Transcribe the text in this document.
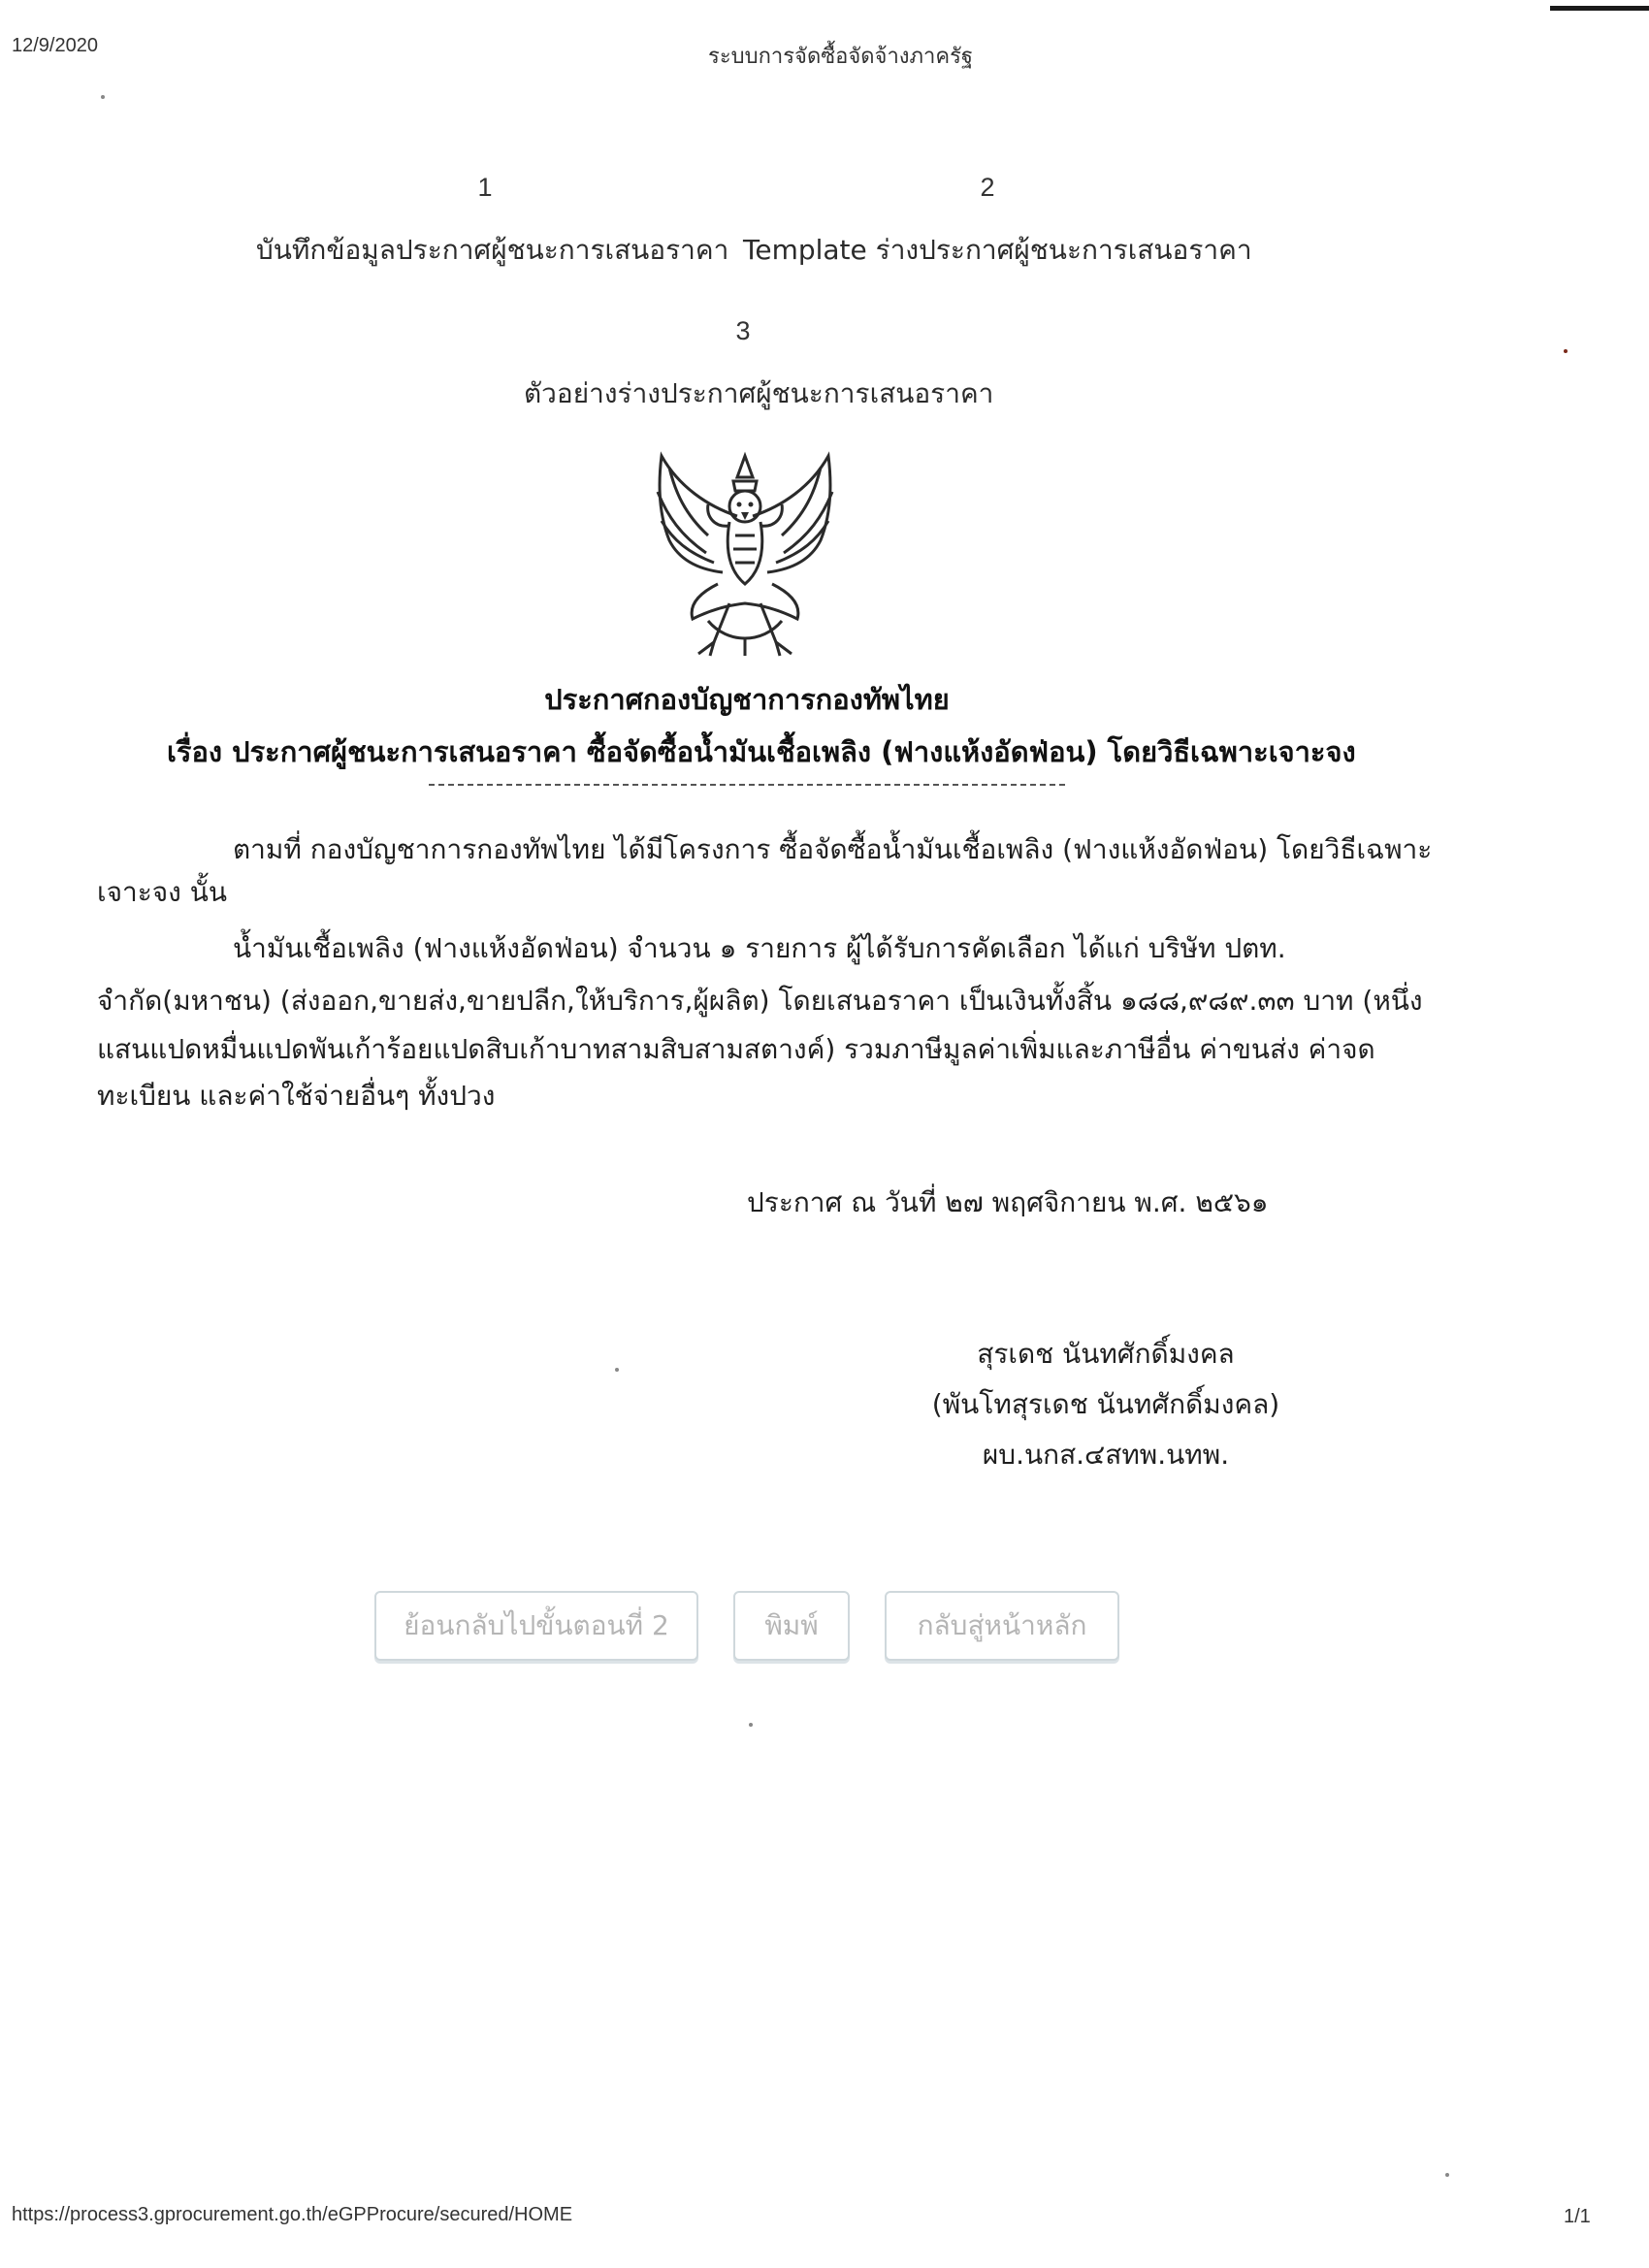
12/9/2020	ระบบการจัดซื้อจัดจ้างภาครัฐ
1
บันทึกข้อมูลประกาศผู้ชนะการเสนอราคา
2
Template ร่างประกาศผู้ชนะการเสนอราคา
3
ตัวอย่างร่างประกาศผู้ชนะการเสนอราคา
ประกาศกองบัญชาการกองทัพไทย
เรื่อง ประกาศผู้ชนะการเสนอราคา ซื้อจัดซื้อน้ำมันเชื้อเพลิง (ฟางแห้งอัดฟ่อน) โดยวิธีเฉพาะเจาะจง
ตามที่ กองบัญชาการกองทัพไทย ได้มีโครงการ ซื้อจัดซื้อน้ำมันเชื้อเพลิง (ฟางแห้งอัดฟ่อน) โดยวิธีเฉพาะ
เจาะจง นั้น
น้ำมันเชื้อเพลิง (ฟางแห้งอัดฟ่อน) จำนวน ๑ รายการ ผู้ได้รับการคัดเลือก ได้แก่ บริษัท ปตท.
จำกัด(มหาชน) (ส่งออก,ขายส่ง,ขายปลีก,ให้บริการ,ผู้ผลิต) โดยเสนอราคา เป็นเงินทั้งสิ้น ๑๘๘,๙๘๙.๓๓ บาท (หนึ่ง
แสนแปดหมื่นแปดพันเก้าร้อยแปดสิบเก้าบาทสามสิบสามสตางค์) รวมภาษีมูลค่าเพิ่มและภาษีอื่น ค่าขนส่ง ค่าจด
ทะเบียน และค่าใช้จ่ายอื่นๆ ทั้งปวง
ประกาศ ณ วันที่ ๒๗ พฤศจิกายน พ.ศ. ๒๕๖๑
สุรเดช นันทศักดิ์มงคล
(พันโทสุรเดช นันทศักดิ์มงคล)
ผบ.นกส.๔สทพ.นทพ.
ย้อนกลับไปขั้นตอนที่ 2	พิมพ์	กลับสู่หน้าหลัก
https://process3.gprocurement.go.th/eGPProcure/secured/HOME	1/1
